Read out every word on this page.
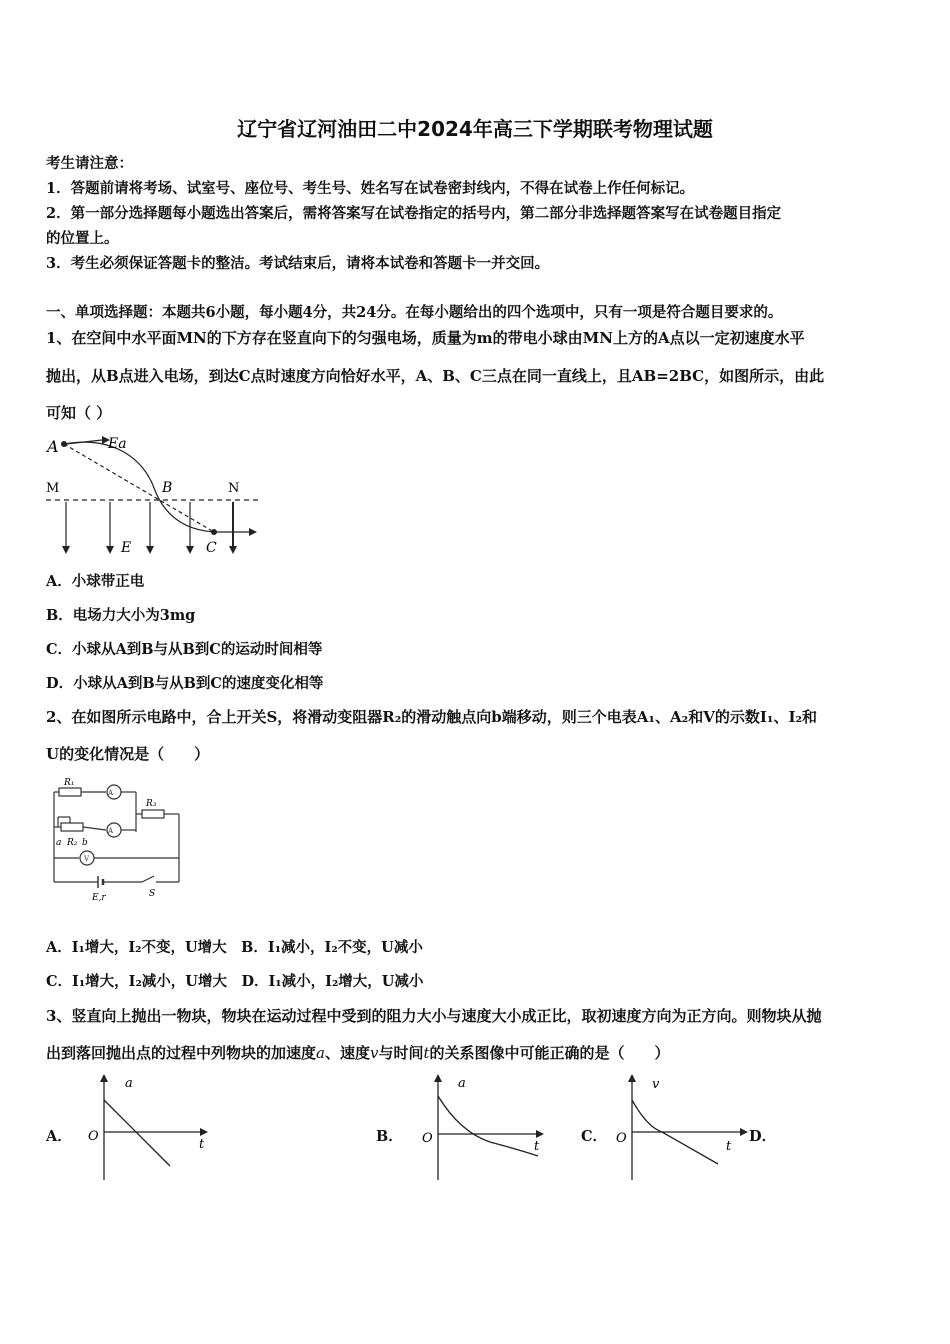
辽宁省辽河油田二中2024年高三下学期联考物理试题
考生请注意：
1．答题前请将考场、试室号、座位号、考生号、姓名写在试卷密封线内，不得在试卷上作任何标记。
2．第一部分选择题每小题选出答案后，需将答案写在试卷指定的括号内，第二部分非选择题答案写在试卷题目指定
的位置上。
3．考生必须保证答题卡的整洁。考试结束后，请将本试卷和答题卡一并交回。
一、单项选择题：本题共6小题，每小题4分，共24分。在每小题给出的四个选项中，只有一项是符合题目要求的。
1、在空间中水平面MN的下方存在竖直向下的匀强电场，质量为m的带电小球由MN上方的A点以一定初速度水平
抛出，从B点进入电场，到达C点时速度方向恰好水平，A、B、C三点在同一直线上，且AB=2BC，如图所示，由此
可知（ ）
A	Ea
M	B	N
E	C
A．小球带正电
B．电场力大小为3mg
C．小球从A到B与从B到C的运动时间相等
D．小球从A到B与从B到C的速度变化相等
2、在如图所示电路中，合上开关S，将滑动变阻器R₂的滑动触点向b端移动，则三个电表A₁、A₂和V的示数I₁、I₂和
U的变化情况是（　　）
A
A
V
R₁
R₃
a R₂ b
S
E,r
A．I₁增大，I₂不变，U增大　B．I₁减小，I₂不变，U减小
C．I₁增大，I₂减小，U增大　D．I₁减小，I₂增大，U减小
3、竖直向上抛出一物块，物块在运动过程中受到的阻力大小与速度大小成正比，取初速度方向为正方向。则物块从抛
出到落回抛出点的过程中列物块的加速度a、速度v与时间t的关系图像中可能正确的是（　　）
A．
a
t
O	B．
a
t
O	C．
v
t
O	D．
